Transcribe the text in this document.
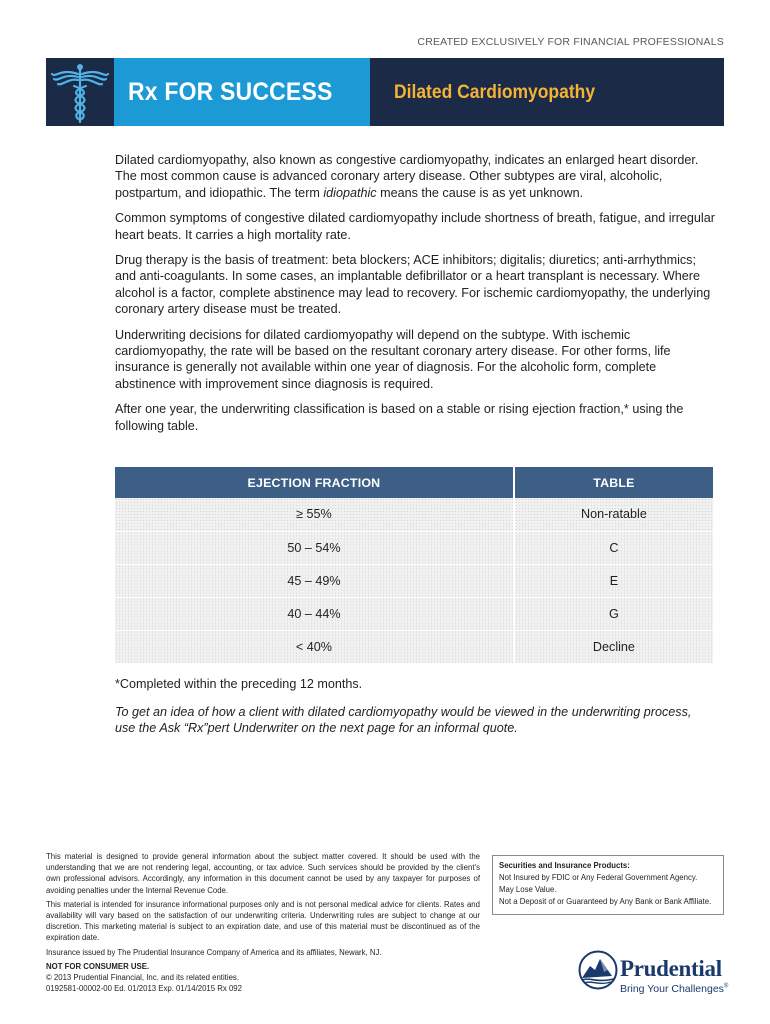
CREATED EXCLUSIVELY FOR FINANCIAL PROFESSIONALS
Rx FOR SUCCESS	Dilated Cardiomyopathy

Dilated cardiomyopathy, also known as congestive cardiomyopathy, indicates an enlarged heart disorder. The most common cause is advanced coronary artery disease. Other subtypes are viral, alcoholic, postpartum, and idiopathic. The term idiopathic means the cause is as yet unknown.

Common symptoms of congestive dilated cardiomyopathy include shortness of breath, fatigue, and irregular heart beats. It carries a high mortality rate.

Drug therapy is the basis of treatment: beta blockers; ACE inhibitors; digitalis; diuretics; anti-arrhythmics; and anti-coagulants. In some cases, an implantable defibrillator or a heart transplant is necessary. Where alcohol is a factor, complete abstinence may lead to recovery. For ischemic cardiomyopathy, the underlying coronary artery disease must be treated.

Underwriting decisions for dilated cardiomyopathy will depend on the subtype. With ischemic cardiomyopathy, the rate will be based on the resultant coronary artery disease. For other forms, life insurance is generally not available within one year of diagnosis. For the alcoholic form, complete abstinence with improvement since diagnosis is required.

After one year, the underwriting classification is based on a stable or rising ejection fraction,* using the following table.

EJECTION FRACTION	TABLE
≥ 55%	Non-ratable
50 – 54%	C
45 – 49%	E
40 – 44%	G
< 40%	Decline
*Completed within the preceding 12 months.
To get an idea of how a client with dilated cardiomyopathy would be viewed in the underwriting process, use the Ask “Rx”pert Underwriter on the next page for an informal quote.

This material is designed to provide general information about the subject matter covered. It should be used with the understanding that we are not rendering legal, accounting, or tax advice. Such services should be provided by the client’s own professional advisors. Accordingly, any information in this document cannot be used by any taxpayer for purposes of avoiding penalties under the Internal Revenue Code.

This material is intended for insurance informational purposes only and is not personal medical advice for clients. Rates and availability will vary based on the satisfaction of our underwriting criteria. Underwriting rules are subject to change at our discretion. This marketing material is subject to an expiration date, and use of this material must be discontinued as of the expiration date.

Insurance issued by The Prudential Insurance Company of America and its affiliates, Newark, NJ.

NOT FOR CONSUMER USE.

© 2013 Prudential Financial, Inc. and its related entities.

0192581-00002-00 Ed. 01/2013 Exp. 01/14/2015 Rx 092

Securities and Insurance Products:
Not Insured by FDIC or Any Federal Government Agency.
May Lose Value.
Not a Deposit of or Guaranteed by Any Bank or Bank Affiliate.
Prudential
Bring Your Challenges®
